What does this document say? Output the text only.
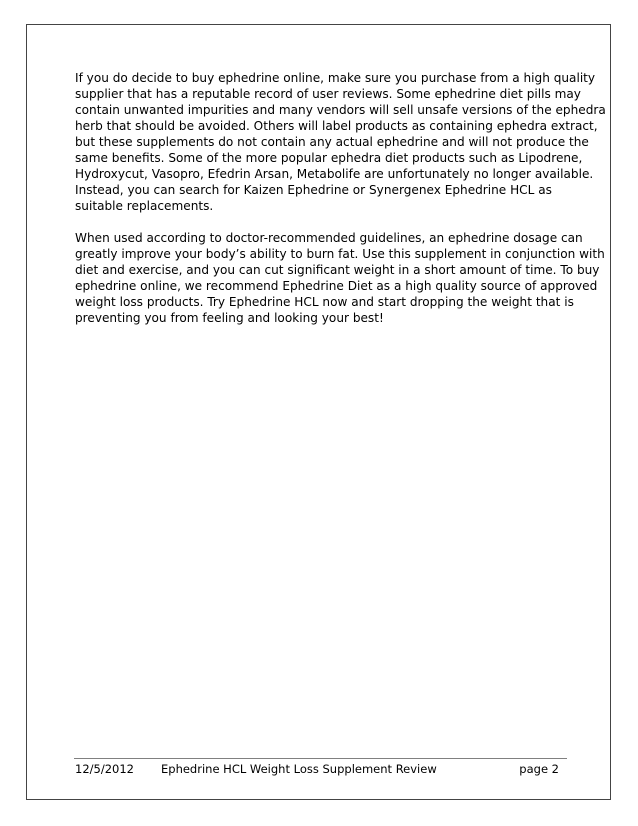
If you do decide to buy ephedrine online, make sure you purchase from a high quality
supplier that has a reputable record of user reviews. Some ephedrine diet pills may
contain unwanted impurities and many vendors will sell unsafe versions of the ephedra
herb that should be avoided. Others will label products as containing ephedra extract,
but these supplements do not contain any actual ephedrine and will not produce the
same benefits. Some of the more popular ephedra diet products such as Lipodrene,
Hydroxycut, Vasopro, Efedrin Arsan, Metabolife are unfortunately no longer available.
Instead, you can search for Kaizen Ephedrine or Synergenex Ephedrine HCL as
suitable replacements.

When used according to doctor-recommended guidelines, an ephedrine dosage can
greatly improve your body’s ability to burn fat. Use this supplement in conjunction with
diet and exercise, and you can cut significant weight in a short amount of time. To buy
ephedrine online, we recommend Ephedrine Diet as a high quality source of approved
weight loss products. Try Ephedrine HCL now and start dropping the weight that is
preventing you from feeling and looking your best!

12/5/2012 Ephedrine HCL Weight Loss Supplement Review	page 2
